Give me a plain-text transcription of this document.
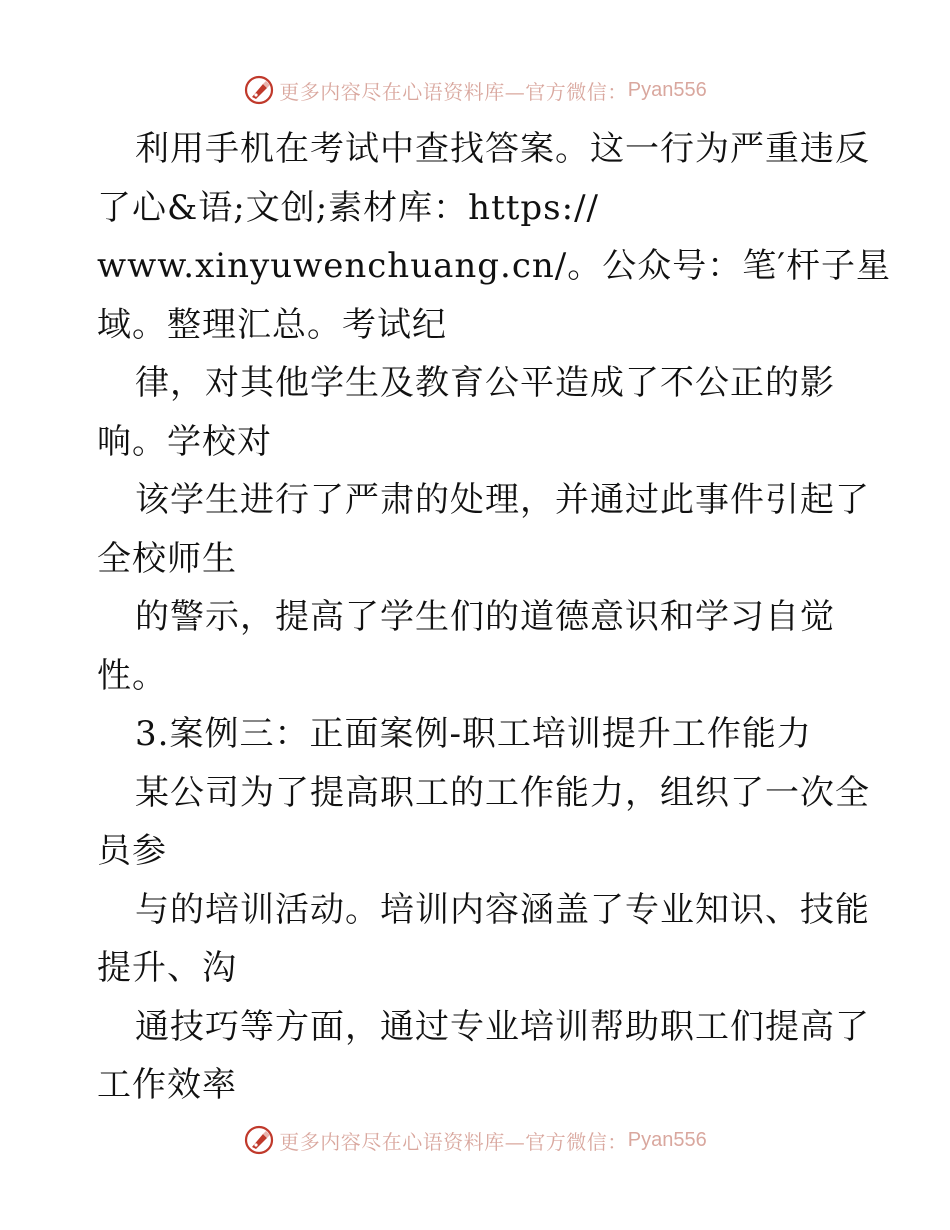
更多内容尽在心语资料库—官方微信： Pyan556
利用手机在考试中查找答案。这一行为严重违反
了心&语;文创;素材库：https://
www.xinyuwenchuang.cn/。公众号：笔′杆子星
域。整理汇总。考试纪
律，对其他学生及教育公平造成了不公正的影
响。学校对
该学生进行了严肃的处理，并通过此事件引起了
全校师生
的警示，提高了学生们的道德意识和学习自觉
性。
3.案例三：正面案例-职工培训提升工作能力
某公司为了提高职工的工作能力，组织了一次全
员参
与的培训活动。培训内容涵盖了专业知识、技能
提升、沟
通技巧等方面，通过专业培训帮助职工们提高了
工作效率
更多内容尽在心语资料库—官方微信： Pyan556
